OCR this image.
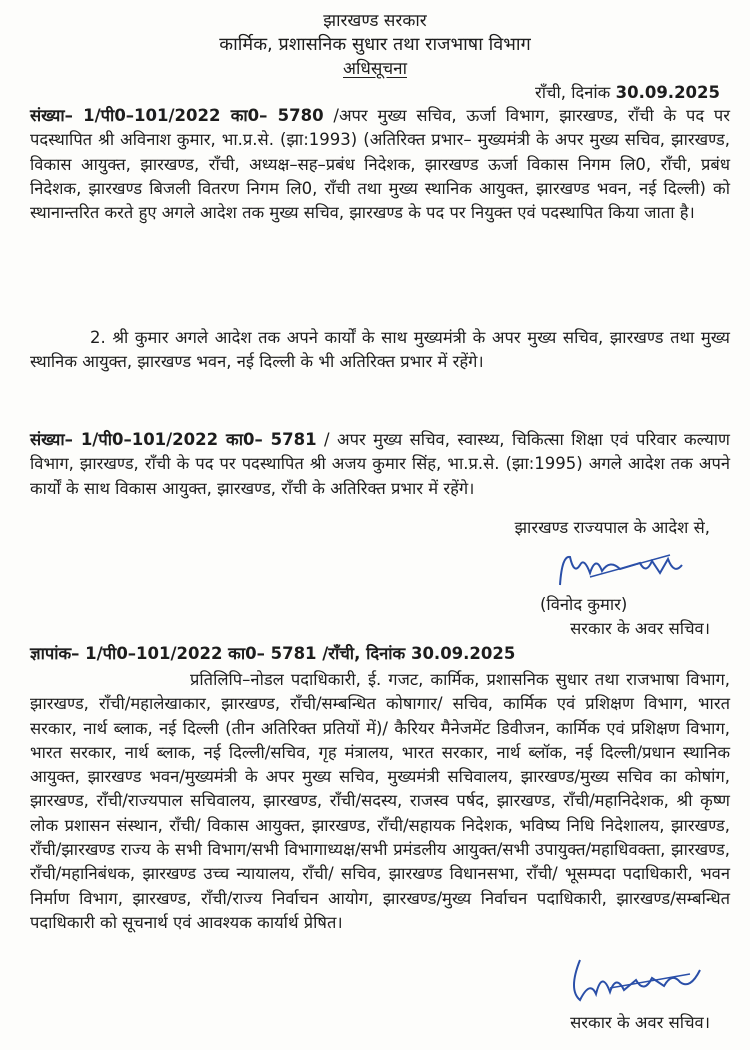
झारखण्ड सरकार
कार्मिक, प्रशासनिक सुधार तथा राजभाषा विभाग
अधिसूचना
राँची, दिनांक 30.09.2025
संख्या– 1/पी0–101/2022 का0– 5780 /अपर मुख्य सचिव, ऊर्जा विभाग, झारखण्ड, राँची के पद पर पदस्थापित श्री अविनाश कुमार, भा.प्र.से. (झा:1993) (अतिरिक्त प्रभार– मुख्यमंत्री के अपर मुख्य सचिव, झारखण्ड, विकास आयुक्त, झारखण्ड, राँची, अध्यक्ष–सह–प्रबंध निदेशक, झारखण्ड ऊर्जा विकास निगम लि0, राँची, प्रबंध निदेशक, झारखण्ड बिजली वितरण निगम लि0, राँची तथा मुख्य स्थानिक आयुक्त, झारखण्ड भवन, नई दिल्ली) को स्थानान्तरित करते हुए अगले आदेश तक मुख्य सचिव, झारखण्ड के पद पर नियुक्त एवं पदस्थापित किया जाता है।
2. श्री कुमार अगले आदेश तक अपने कार्यों के साथ मुख्यमंत्री के अपर मुख्य सचिव, झारखण्ड तथा मुख्य स्थानिक आयुक्त, झारखण्ड भवन, नई दिल्ली के भी अतिरिक्त प्रभार में रहेंगे।
संख्या– 1/पी0–101/2022 का0– 5781 / अपर मुख्य सचिव, स्वास्थ्य, चिकित्सा शिक्षा एवं परिवार कल्याण विभाग, झारखण्ड, राँची के पद पर पदस्थापित श्री अजय कुमार सिंह, भा.प्र.से. (झा:1995) अगले आदेश तक अपने कार्यों के साथ विकास आयुक्त, झारखण्ड, राँची के अतिरिक्त प्रभार में रहेंगे।
झारखण्ड राज्यपाल के आदेश से,
(विनोद कुमार)
सरकार के अवर सचिव।
ज्ञापांक– 1/पी0–101/2022 का0– 5781 /राँची, दिनांक 30.09.2025
प्रतिलिपि–नोडल पदाधिकारी, ई. गजट, कार्मिक, प्रशासनिक सुधार तथा राजभाषा विभाग, झारखण्ड, राँची/महालेखाकार, झारखण्ड, राँची/सम्बन्धित कोषागार/ सचिव, कार्मिक एवं प्रशिक्षण विभाग, भारत सरकार, नार्थ ब्लाक, नई दिल्ली (तीन अतिरिक्त प्रतियों में)/ कैरियर मैनेजमेंट डिवीजन, कार्मिक एवं प्रशिक्षण विभाग, भारत सरकार, नार्थ ब्लाक, नई दिल्ली/सचिव, गृह मंत्रालय, भारत सरकार, नार्थ ब्लॉक, नई दिल्ली/प्रधान स्थानिक आयुक्त, झारखण्ड भवन/मुख्यमंत्री के अपर मुख्य सचिव, मुख्यमंत्री सचिवालय, झारखण्ड/मुख्य सचिव का कोषांग, झारखण्ड, राँची/राज्यपाल सचिवालय, झारखण्ड, राँची/सदस्य, राजस्व पर्षद, झारखण्ड, राँची/महानिदेशक, श्री कृष्ण लोक प्रशासन संस्थान, राँची/ विकास आयुक्त, झारखण्ड, राँची/सहायक निदेशक, भविष्य निधि निदेशालय, झारखण्ड, राँची/झारखण्ड राज्य के सभी विभाग/सभी विभागाध्यक्ष/सभी प्रमंडलीय आयुक्त/सभी उपायुक्त/महाधिवक्ता, झारखण्ड, राँची/महानिबंधक, झारखण्ड उच्च न्यायालय, राँची/ सचिव, झारखण्ड विधानसभा, राँची/ भूसम्पदा पदाधिकारी, भवन निर्माण विभाग, झारखण्ड, राँची/राज्य निर्वाचन आयोग, झारखण्ड/मुख्य निर्वाचन पदाधिकारी, झारखण्ड/सम्बन्धित पदाधिकारी को सूचनार्थ एवं आवश्यक कार्यार्थ प्रेषित।
सरकार के अवर सचिव।
